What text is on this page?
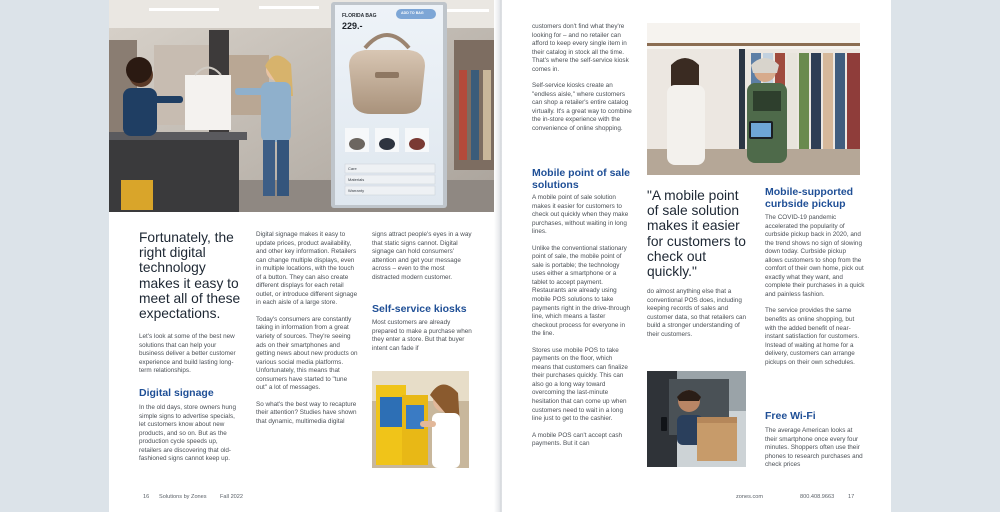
FLORIDA BAG
229.-
ADD TO BAG
Care
Materials
Warranty
Fortunately, the right digital technology makes it easy to meet all of these expectations.
Let's look at some of the best new solutions that can help your business deliver a better customer experience and build lasting long-term relationships.
Digital signage
In the old days, store owners hung simple signs to advertise specials, let customers know about new products, and so on. But as the production cycle speeds up, retailers are discovering that old-fashioned signs cannot keep up.

Digital signage makes it easy to update prices, product availability, and other key information. Retailers can change multiple displays, even in multiple locations, with the touch of a button. They can also create different displays for each retail outlet, or introduce different signage in each aisle of a large store.

Today's consumers are constantly taking in information from a great variety of sources. They're seeing ads on their smartphones and getting news about new products on various social media platforms. Unfortunately, this means that consumers have started to "tune out" a lot of messages.

So what's the best way to recapture their attention? Studies have shown that dynamic, multimedia digital

signs attract people's eyes in a way that static signs cannot. Digital signage can hold consumers' attention and get your message across – even to the most distracted modern customer.
Self-service kiosks
Most customers are already prepared to make a purchase when they enter a store. But that buyer intent can fade if
16 Solutions by Zones Fall 2022

customers don't find what they're looking for – and no retailer can afford to keep every single item in their catalog in stock all the time. That's where the self-service kiosk comes in.

Self-service kiosks create an "endless aisle," where customers can shop a retailer's entire catalog virtually. It's a great way to combine the in-store experience with the convenience of online shopping.

Mobile point of sale solutions

A mobile point of sale solution makes it easier for customers to check out quickly when they make purchases, without waiting in long lines.

Unlike the conventional stationary point of sale, the mobile point of sale is portable; the technology uses either a smartphone or a tablet to accept payment. Restaurants are already using mobile POS solutions to take payments right in the drive-through line, which means a faster checkout process for everyone in the line.

Stores use mobile POS to take payments on the floor, which means that customers can finalize their purchases quickly. This can also go a long way toward overcoming the last-minute hesitation that can come up when customers need to wait in a long line just to get to the cashier.

A mobile POS can't accept cash payments. But it can

"A mobile point of sale solution makes it easier for customers to check out quickly."
do almost anything else that a conventional POS does, including keeping records of sales and customer data, so that retailers can build a stronger understanding of their customers.
Mobile-supported curbside pickup

The COVID-19 pandemic accelerated the popularity of curbside pickup back in 2020, and the trend shows no sign of slowing down today. Curbside pickup allows customers to shop from the comfort of their own home, pick out exactly what they want, and complete their purchases in a quick and painless fashion.

The service provides the same benefits as online shopping, but with the added benefit of near-instant satisfaction for customers. Instead of waiting at home for a delivery, customers can arrange pickups on their own schedules.

Free Wi-Fi
The average American looks at their smartphone once every four minutes. Shoppers often use their phones to research purchases and check prices
zones.com	800.408.9663 17
